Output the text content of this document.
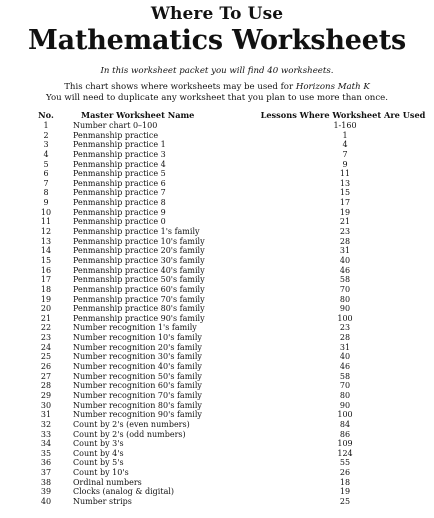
Where To Use
Mathematics Worksheets
In this worksheet packet you will find 40 worksheets.
This chart shows where worksheets may be used for Horizons Math K
You will need to duplicate any worksheet that you plan to use more than once.
No.	Master Worksheet Name	Lessons Where Worksheet Are Used
1	Number chart 0–100	1-160
2	Penmanship practice	1
3	Penmanship practice 1	4
4	Penmanship practice 3	7
5	Penmanship practice 4	9
6	Penmanship practice 5	11
7	Penmanship practice 6	13
8	Penmanship practice 7	15
9	Penmanship practice 8	17
10	Penmanship practice 9	19
11	Penmanship practice 0	21
12	Penmanship practice 1's family	23
13	Penmanship practice 10's family	28
14	Penmanship practice 20's family	31
15	Penmanship practice 30's family	40
16	Penmanship practice 40's family	46
17	Penmanship practice 50's family	58
18	Penmanship practice 60's family	70
19	Penmanship practice 70's family	80
20	Penmanship practice 80's family	90
21	Penmanship practice 90's family	100
22	Number recognition 1's family	23
23	Number recognition 10's family	28
24	Number recognition 20's family	31
25	Number recognition 30's family	40
26	Number recognition 40's family	46
27	Number recognition 50's family	58
28	Number recognition 60's family	70
29	Number recognition 70's family	80
30	Number recognition 80's family	90
31	Number recognition 90's family	100
32	Count by 2's (even numbers)	84
33	Count by 2's (odd numbers)	86
34	Count by 3's	109
35	Count by 4's	124
36	Count by 5's	55
37	Count by 10's	26
38	Ordinal numbers	18
39	Clocks (analog & digital)	19
40	Number strips	25
